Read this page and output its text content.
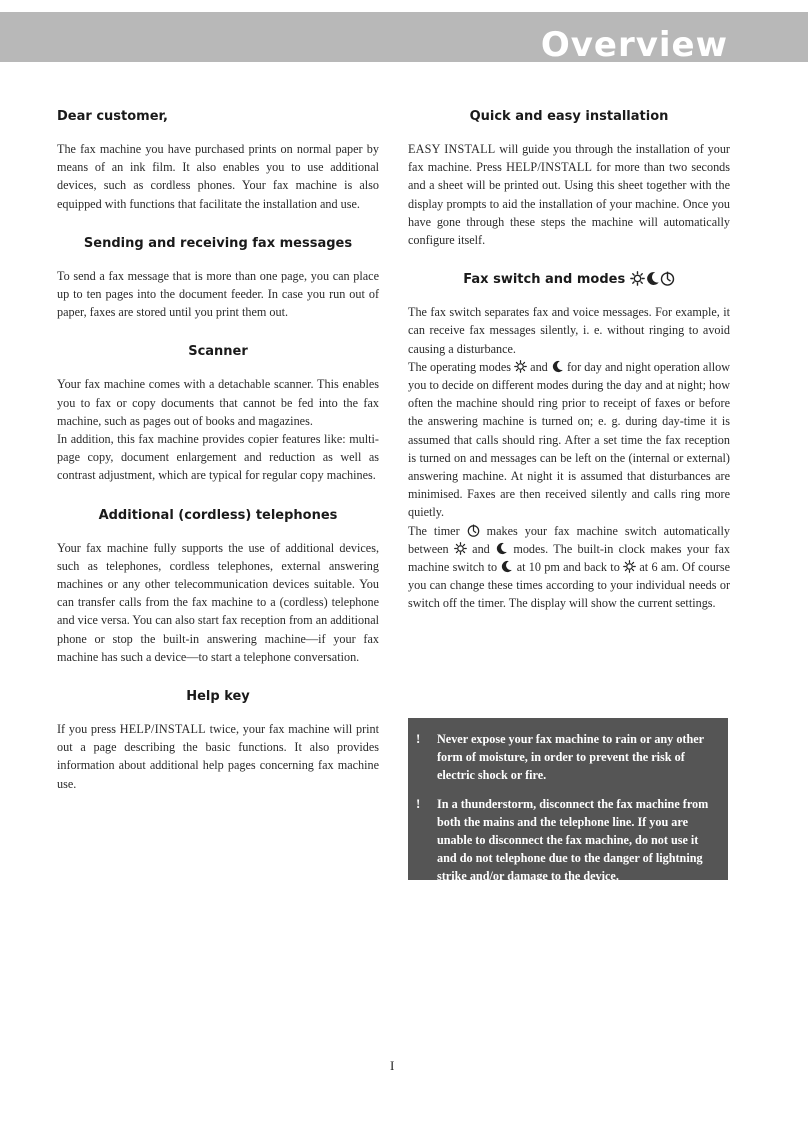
Overview
Dear customer,

The fax machine you have purchased prints on normal paper by means of an ink film. It also enables you to use additional devices, such as cordless phones. Your fax machine is also equipped with functions that facilitate the installation and use.

Sending and receiving fax messages

To send a fax message that is more than one page, you can place up to ten pages into the document feeder. In case you run out of paper, faxes are stored until you print them out.

Scanner

Your fax machine comes with a detachable scanner. This enables you to fax or copy documents that cannot be fed into the fax machine, such as pages out of books and magazines.

In addition, this fax machine provides copier features like: multi-page copy, document enlargement and reduction as well as contrast adjustment, which are typical for regular copy machines.

Additional (cordless) telephones

Your fax machine fully supports the use of additional devices, such as telephones, cordless telephones, external answering machines or any other telecommunication devices suitable. You can transfer calls from the fax machine to a (cordless) telephone and vice versa. You can also start fax reception from an additional phone or stop the built-in answering machine—if your fax machine has such a device—to start a telephone conversation.

Help key

If you press HELP/INSTALL twice, your fax machine will print out a page describing the basic functions. It also provides information about additional help pages concerning fax machine use.

Quick and easy installation

EASY INSTALL will guide you through the installation of your fax machine. Press HELP/INSTALL for more than two seconds and a sheet will be printed out. Using this sheet together with the display prompts to aid the installation of your machine. Once you have gone through these steps the machine will automatically configure itself.

Fax switch and modes

The fax switch separates fax and voice messages. For example, it can receive fax messages silently, i. e. without ringing to avoid causing a disturbance.

The operating modes  and  for day and night operation allow you to decide on different modes during the day and at night; how often the machine should ring prior to receipt of faxes or before the answering machine is turned on; e. g. during day-time it is assumed that calls should ring. After a set time the fax reception is turned on and messages can be left on the (internal or external) answering machine. At night it is assumed that disturbances are minimised. Faxes are then received silently and calls ring more quietly.

The timer  makes your fax machine switch automatically between  and  modes. The built-in clock makes your fax machine switch to  at 10 pm and back to  at 6 am. Of course you can change these times according to your individual needs or switch off the timer. The display will show the current settings.

! Never expose your fax machine to rain or any other form of moisture, in order to prevent the risk of electric shock or fire.
! In a thunderstorm, disconnect the fax machine from both the mains and the telephone line. If you are unable to disconnect the fax machine, do not use it and do not telephone due to the danger of lightning strike and/or damage to the device.
I
